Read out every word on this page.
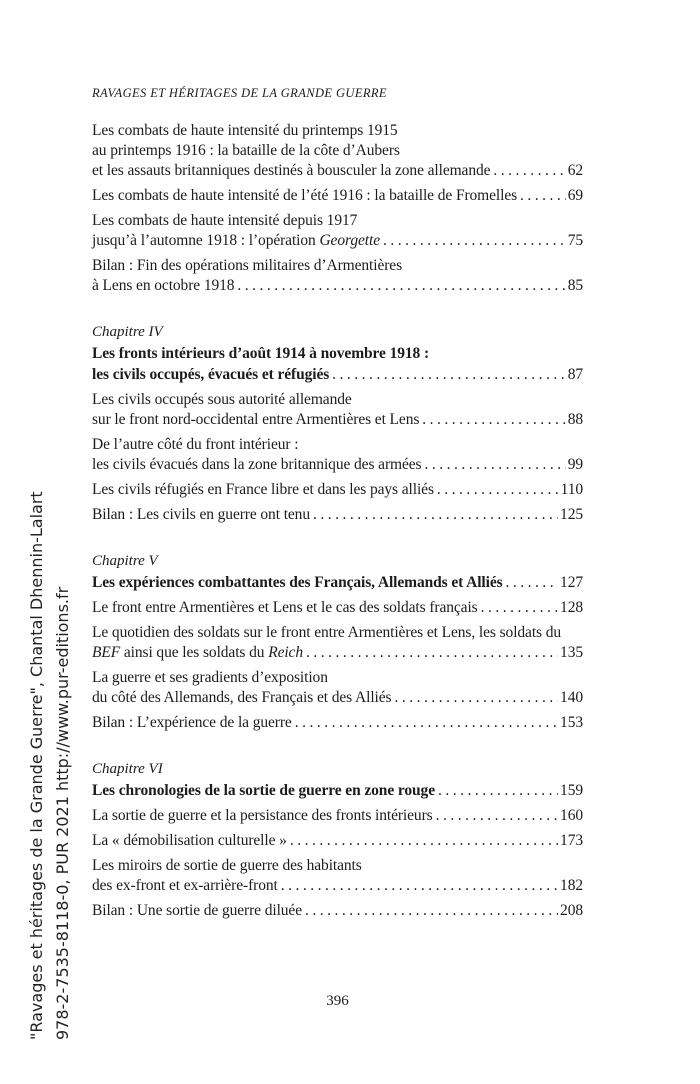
"Ravages et héritages de la Grande Guerre", Chantal Dhennin-Lalart 978-2-7535-8118-0, PUR 2021 http://www.pur-editions.fr
RAVAGES ET HÉRITAGES DE LA GRANDE GUERRE
Les combats de haute intensité du printemps 1915
au printemps 1916 : la bataille de la côte d’Aubers
et les assauts britanniques destinés à bousculer la zone allemande .....	62
Les combats de haute intensité de l’été 1916 : la bataille de Fromelles .....	69
Les combats de haute intensité depuis 1917
jusqu’à l’automne 1918 : l’opération Georgette .....	75
Bilan : Fin des opérations militaires d’Armentières
à Lens en octobre 1918 .....	85
Chapitre IV
Les fronts intérieurs d’août 1914 à novembre 1918 :
les civils occupés, évacués et réfugiés .....	87
Les civils occupés sous autorité allemande
sur le front nord-occidental entre Armentières et Lens .....	88
De l’autre côté du front intérieur :
les civils évacués dans la zone britannique des armées .....	99
Les civils réfugiés en France libre et dans les pays alliés .....	110
Bilan : Les civils en guerre ont tenu .....	125
Chapitre V
Les expériences combattantes des Français, Allemands et Alliés .....	127
Le front entre Armentières et Lens et le cas des soldats français .....	128
Le quotidien des soldats sur le front entre Armentières et Lens, les soldats du
BEF ainsi que les soldats du Reich .....	135
La guerre et ses gradients d’exposition
du côté des Allemands, des Français et des Alliés .....	140
Bilan : L’expérience de la guerre .....	153
Chapitre VI
Les chronologies de la sortie de guerre en zone rouge .....	159
La sortie de guerre et la persistance des fronts intérieurs .....	160
La « démobilisation culturelle » .....	173
Les miroirs de sortie de guerre des habitants
des ex-front et ex-arrière-front .....	182
Bilan : Une sortie de guerre diluée .....	208
396
